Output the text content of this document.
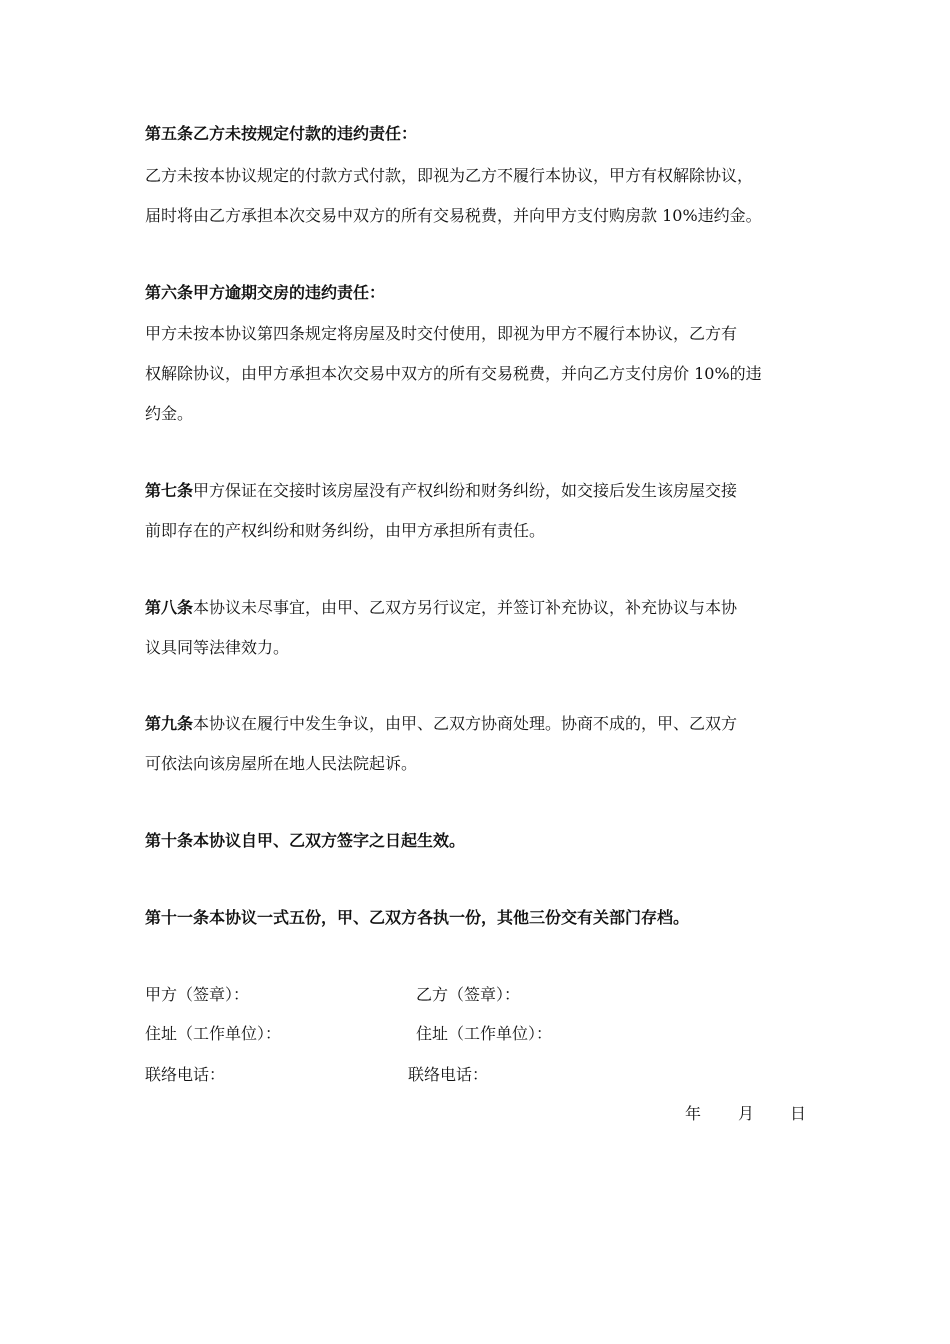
第五条乙方未按规定付款的违约责任：
乙方未按本协议规定的付款方式付款，即视为乙方不履行本协议，甲方有权解除协议，
届时将由乙方承担本次交易中双方的所有交易税费，并向甲方支付购房款 10%违约金。
第六条甲方逾期交房的违约责任：
甲方未按本协议第四条规定将房屋及时交付使用，即视为甲方不履行本协议，乙方有
权解除协议，由甲方承担本次交易中双方的所有交易税费，并向乙方支付房价 10%的违
约金。
第七条甲方保证在交接时该房屋没有产权纠纷和财务纠纷，如交接后发生该房屋交接
前即存在的产权纠纷和财务纠纷，由甲方承担所有责任。
第八条本协议未尽事宜，由甲、乙双方另行议定，并签订补充协议，补充协议与本协
议具同等法律效力。
第九条本协议在履行中发生争议，由甲、乙双方协商处理。协商不成的，甲、乙双方
可依法向该房屋所在地人民法院起诉。
第十条本协议自甲、乙双方签字之日起生效。
第十一条本协议一式五份，甲、乙双方各执一份，其他三份交有关部门存档。
甲方（签章）：	乙方（签章）：
住址（工作单位）：	住址（工作单位）：
联络电话：	联络电话：
年 月 日
